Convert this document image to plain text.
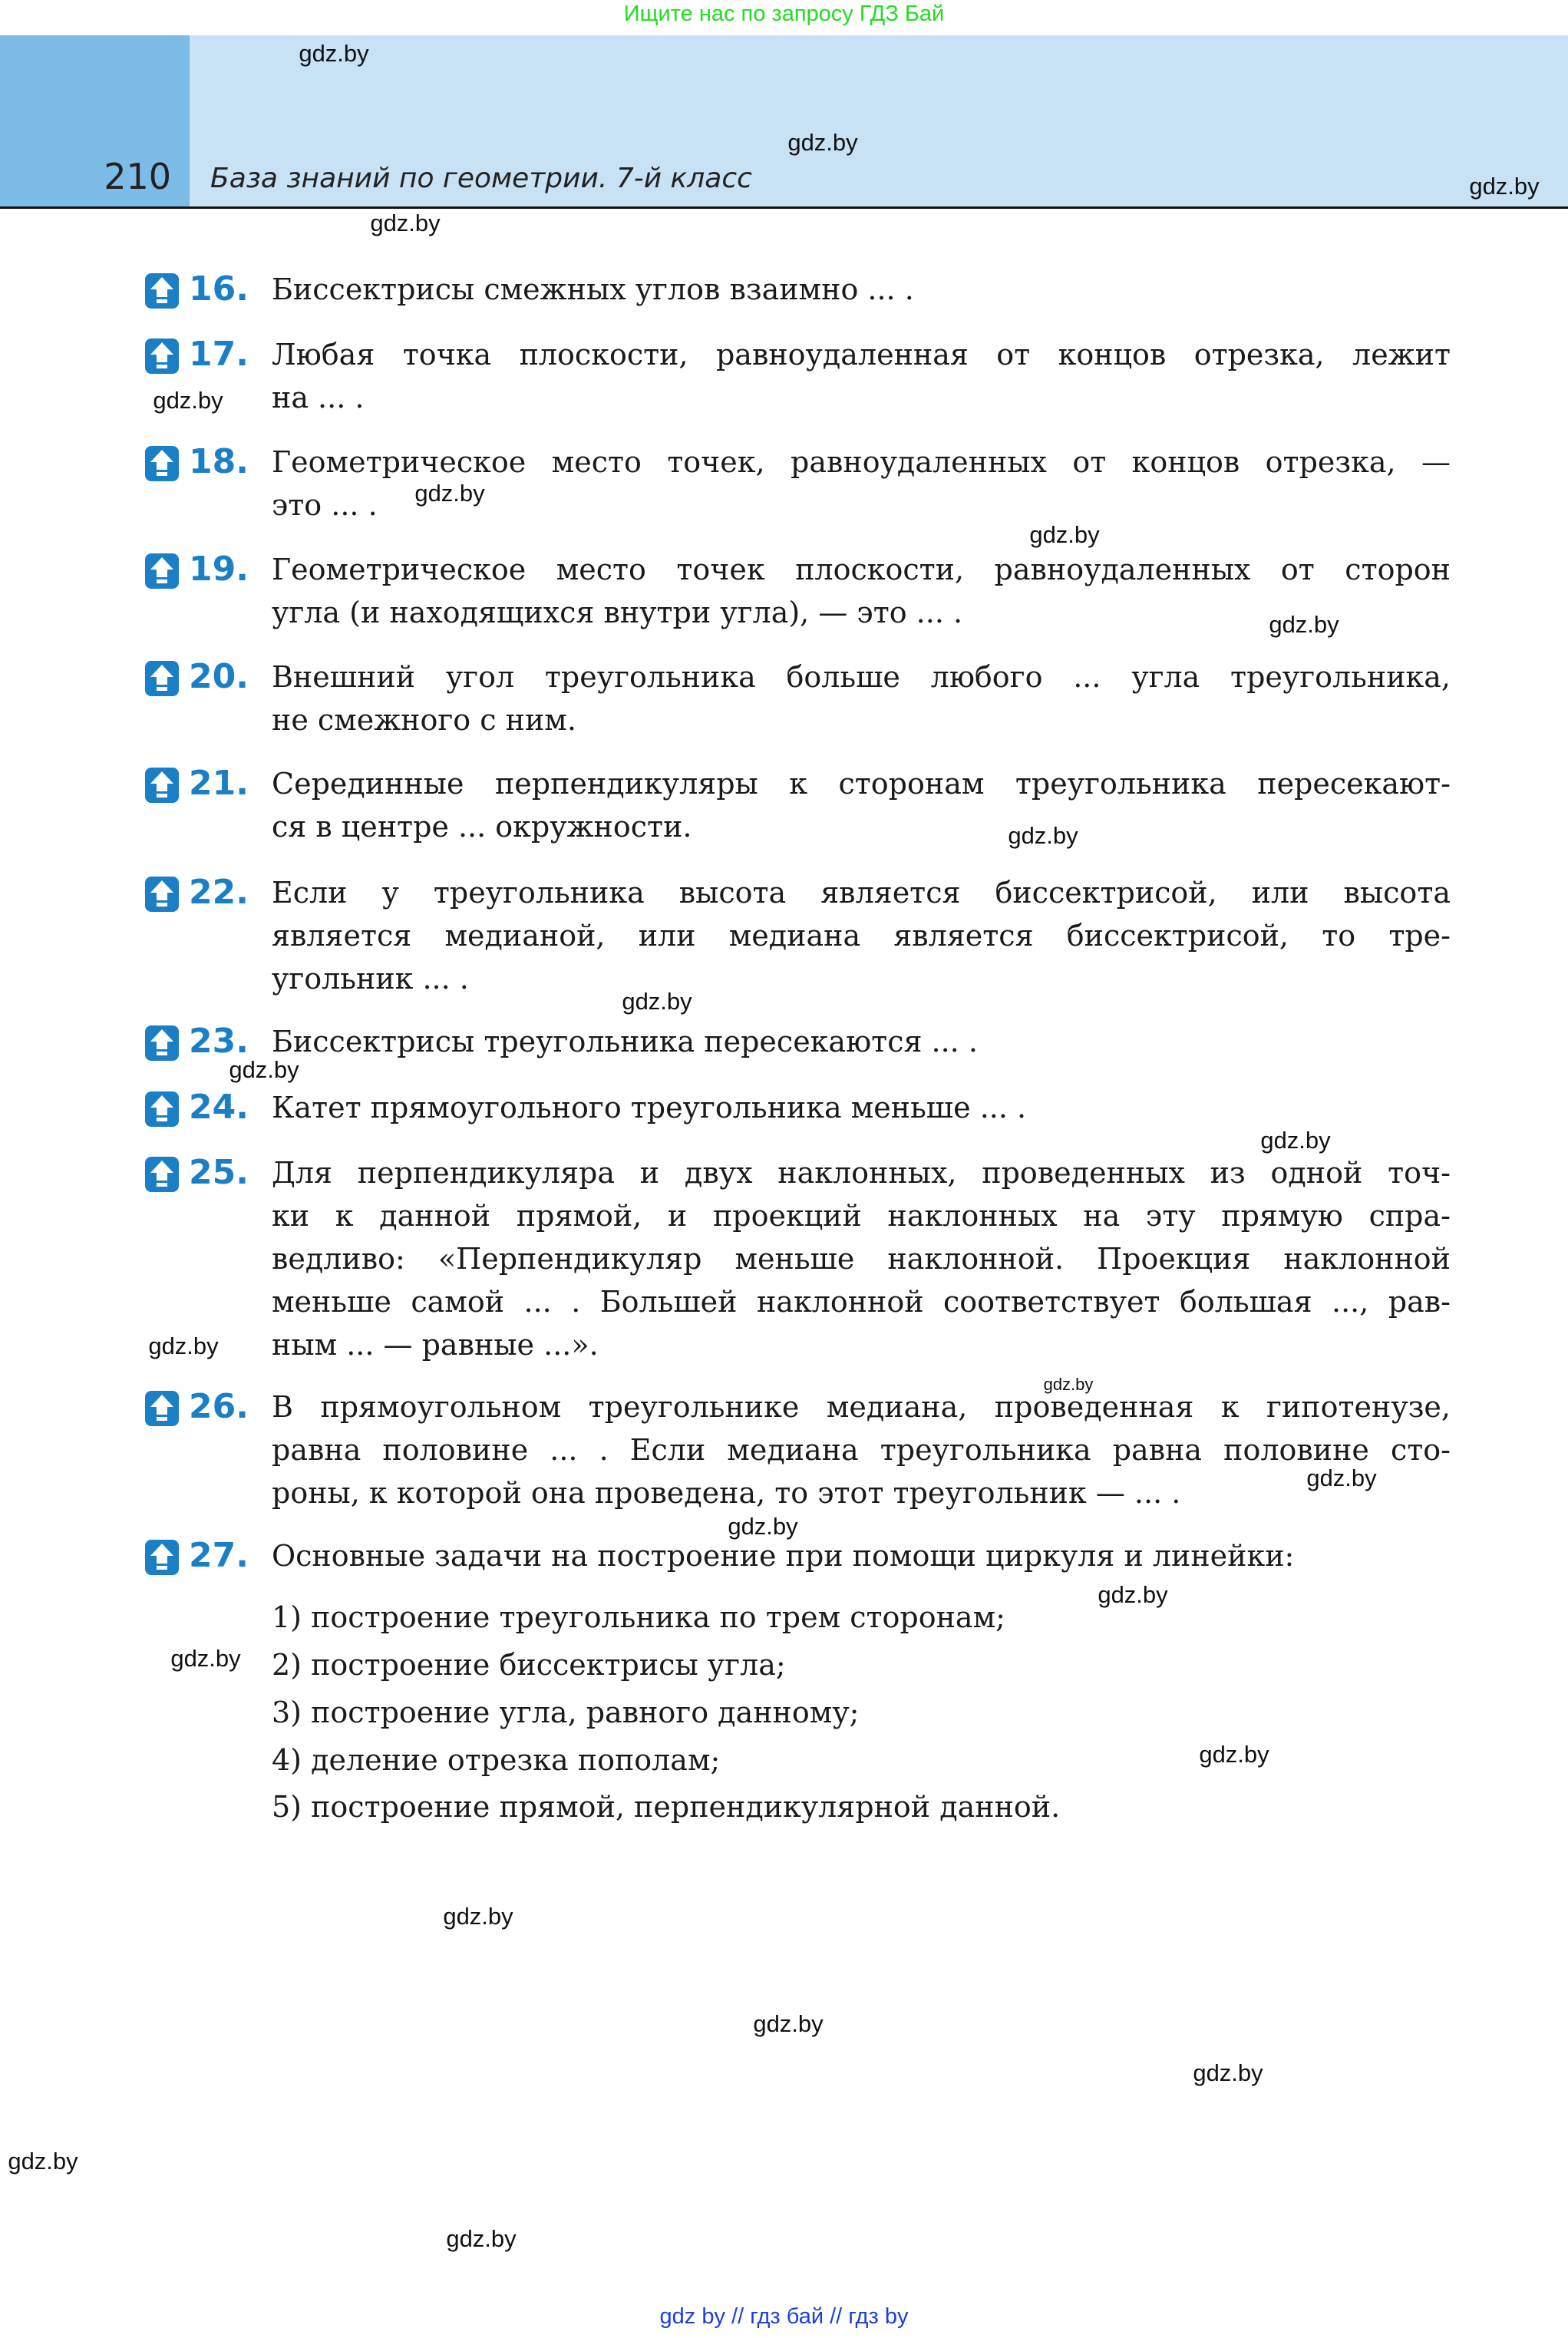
Ищите нас по запросу ГДЗ Бай
210 База знаний по геометрии. 7-й класс
16. Биссектрисы смежных углов взаимно ... .
17. Любая точка плоскости, равноудаленная от концов отрезка, лежит
на ... .
18. Геометрическое место точек, равноудаленных от концов отрезка, —
это ... .
19. Геометрическое место точек плоскости, равноудаленных от сторон
угла (и находящихся внутри угла), — это ... .
20. Внешний угол треугольника больше любого ... угла треугольника,
не смежного с ним.
21. Серединные перпендикуляры к сторонам треугольника пересекают-
ся в центре ... окружности.
22. Если у треугольника высота является биссектрисой, или высота
является медианой, или медиана является биссектрисой, то тре-
угольник ... .
23. Биссектрисы треугольника пересекаются ... .
24. Катет прямоугольного треугольника меньше ... .
25. Для перпендикуляра и двух наклонных, проведенных из одной точ-
ки к данной прямой, и проекций наклонных на эту прямую спра-
ведливо: «Перпендикуляр меньше наклонной. Проекция наклонной
меньше самой ... . Большей наклонной соответствует большая ..., рав-
ным ... — равные ...».
26. В прямоугольном треугольнике медиана, проведенная к гипотенузе,
равна половине ... . Если медиана треугольника равна половине сто-
роны, к которой она проведена, то этот треугольник — ... .
27. Основные задачи на построение при помощи циркуля и линейки:
1) построение треугольника по трем сторонам;
2) построение биссектрисы угла;
3) построение угла, равного данному;
4) деление отрезка пополам;
5) построение прямой, перпендикулярной данной.
gdz.by
gdz.by
gdz.by
gdz.by
gdz.by
gdz.by
gdz.by
gdz.by
gdz.by
gdz.by
gdz.by
gdz.by
gdz.by
gdz.by
gdz.by
gdz.by
gdz.by
gdz.by
gdz.by
gdz.by
gdz.by
gdz.by
gdz.by
gdz.by
gdz by // гдз бай // гдз by
